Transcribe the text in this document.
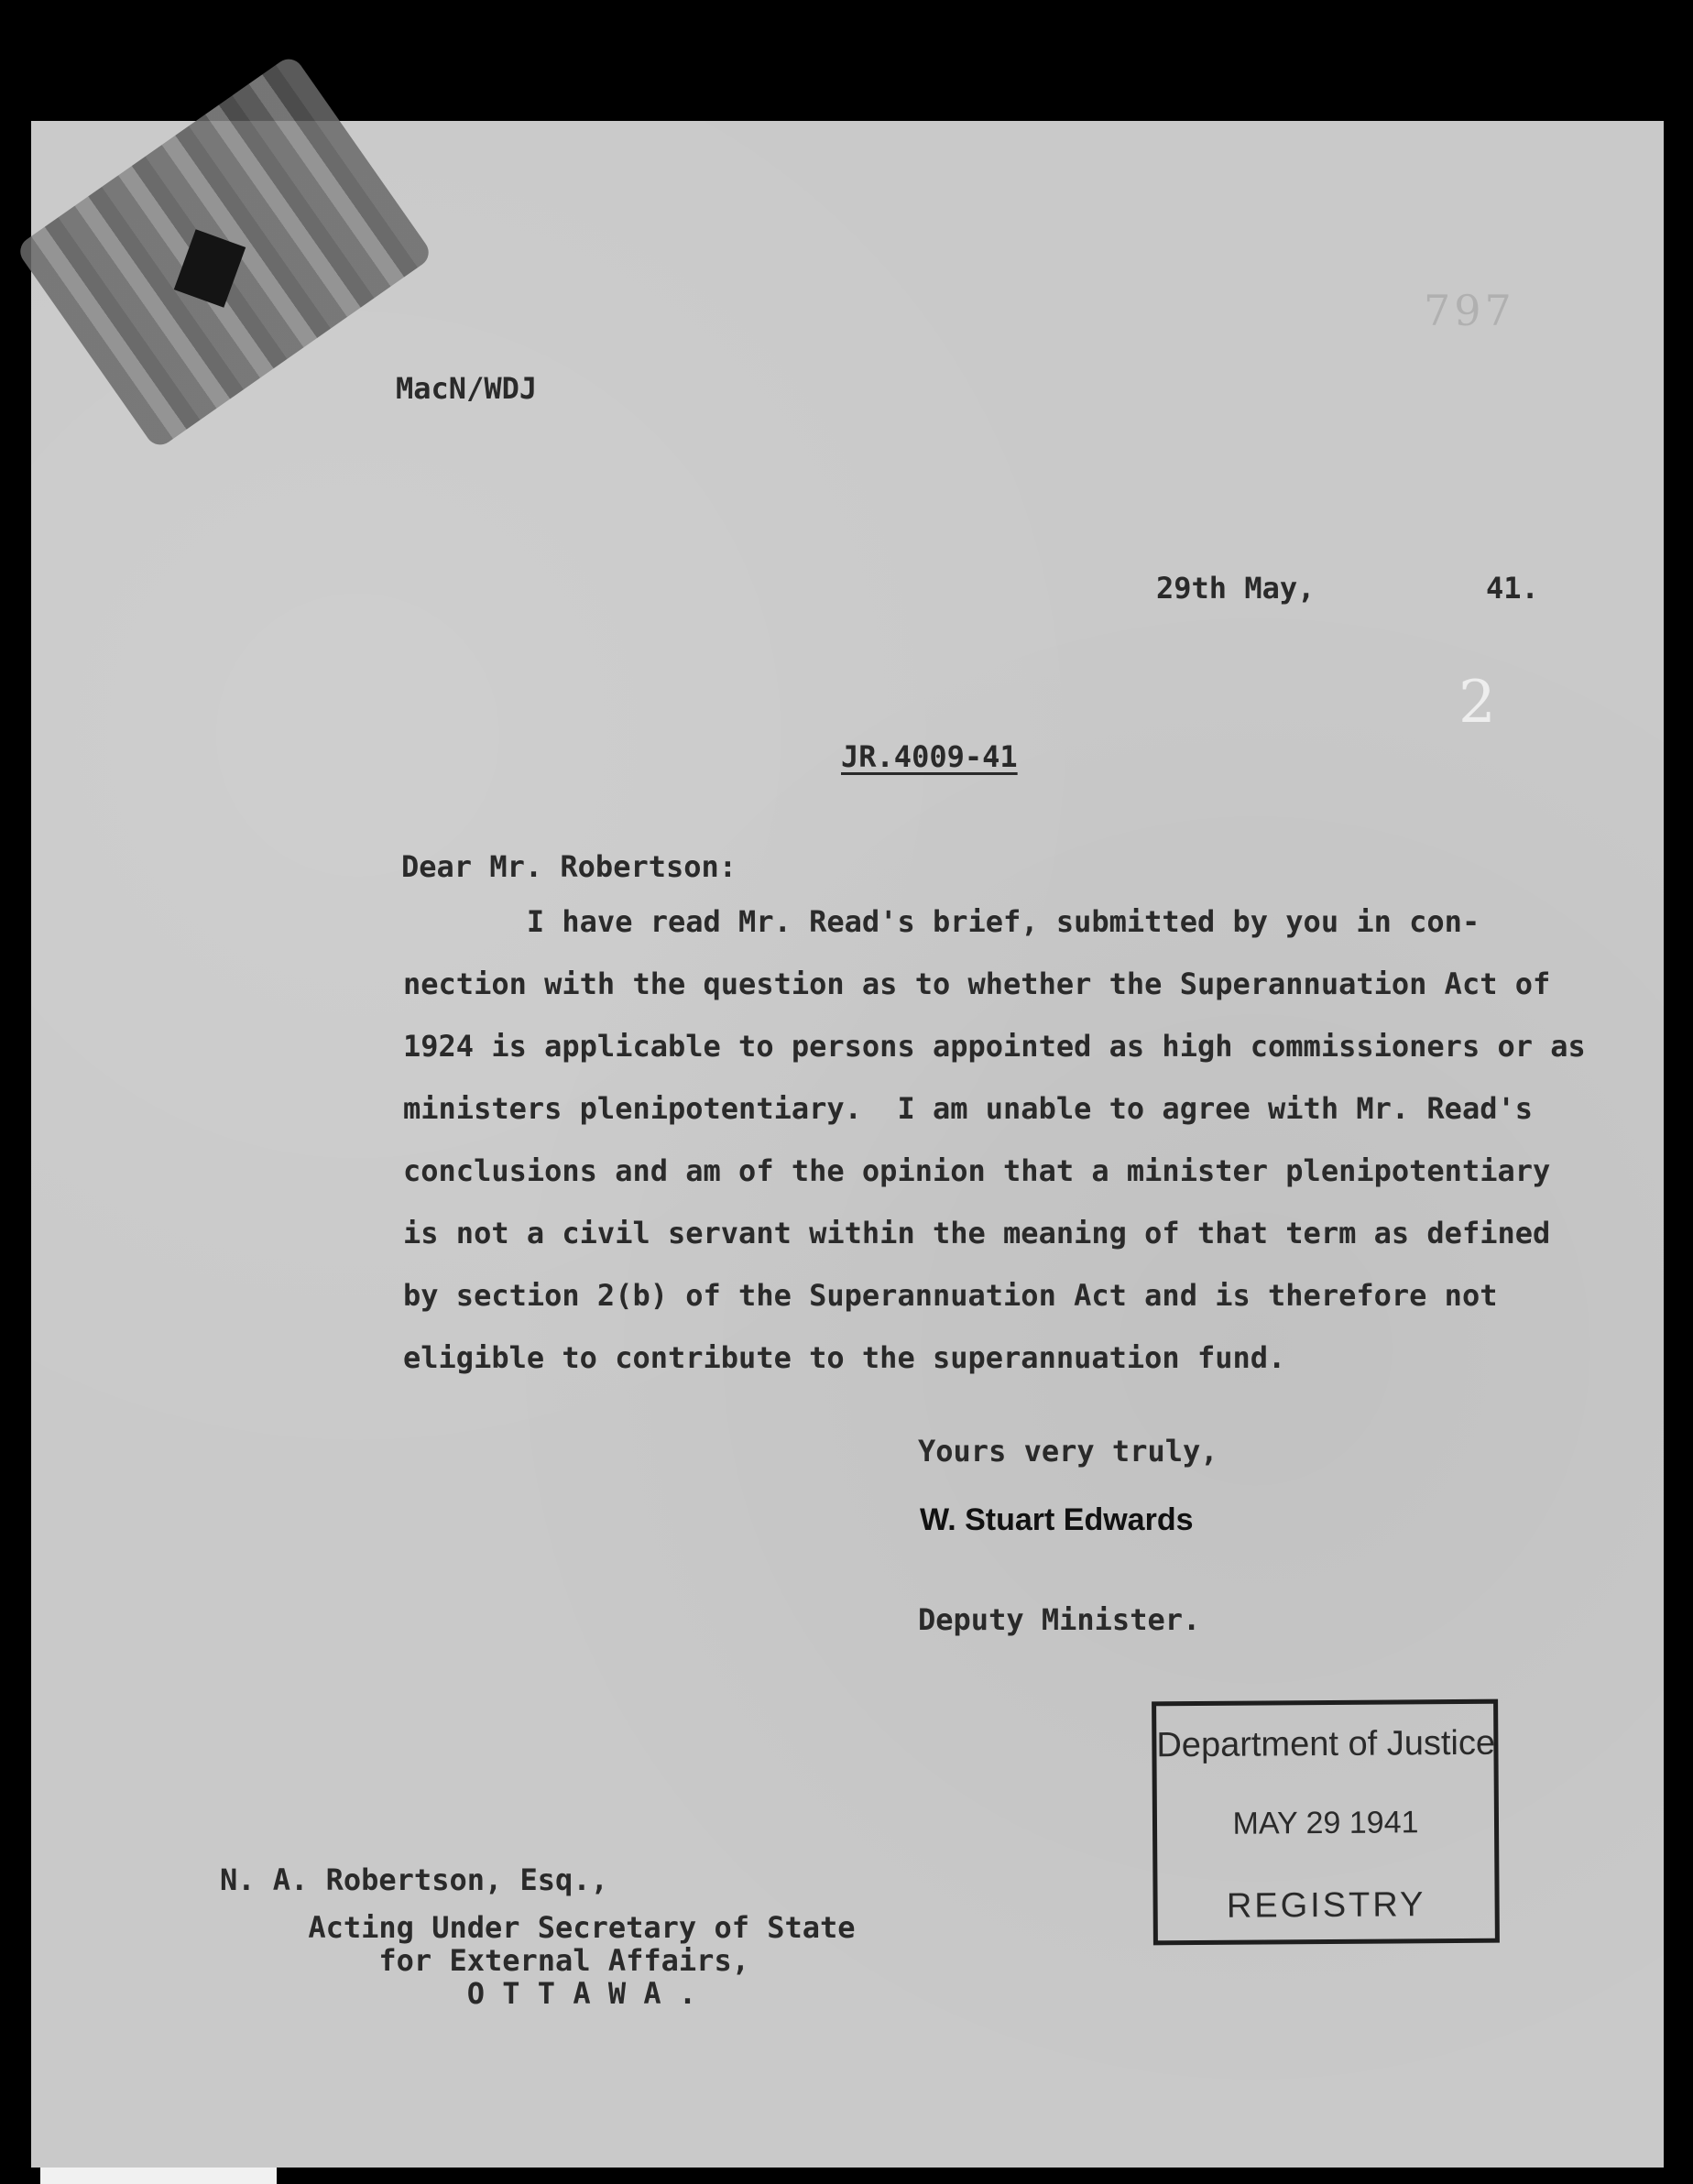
797
MacN/WDJ
29th May,	41.
2
JR.4009-41
Dear Mr. Robertson:
I have read Mr. Read's brief, submitted by you in con-
nection with the question as to whether the Superannuation Act of
1924 is applicable to persons appointed as high commissioners or as
ministers plenipotentiary.  I am unable to agree with Mr. Read's
conclusions and am of the opinion that a minister plenipotentiary
is not a civil servant within the meaning of that term as defined
by section 2(b) of the Superannuation Act and is therefore not
eligible to contribute to the superannuation fund.
Yours very truly,
W. Stuart Edwards
Deputy Minister.
Department of Justice
MAY 29 1941
REGISTRY
N. A. Robertson, Esq.,
Acting Under Secretary of State
for External Affairs,
O T T A W A .
